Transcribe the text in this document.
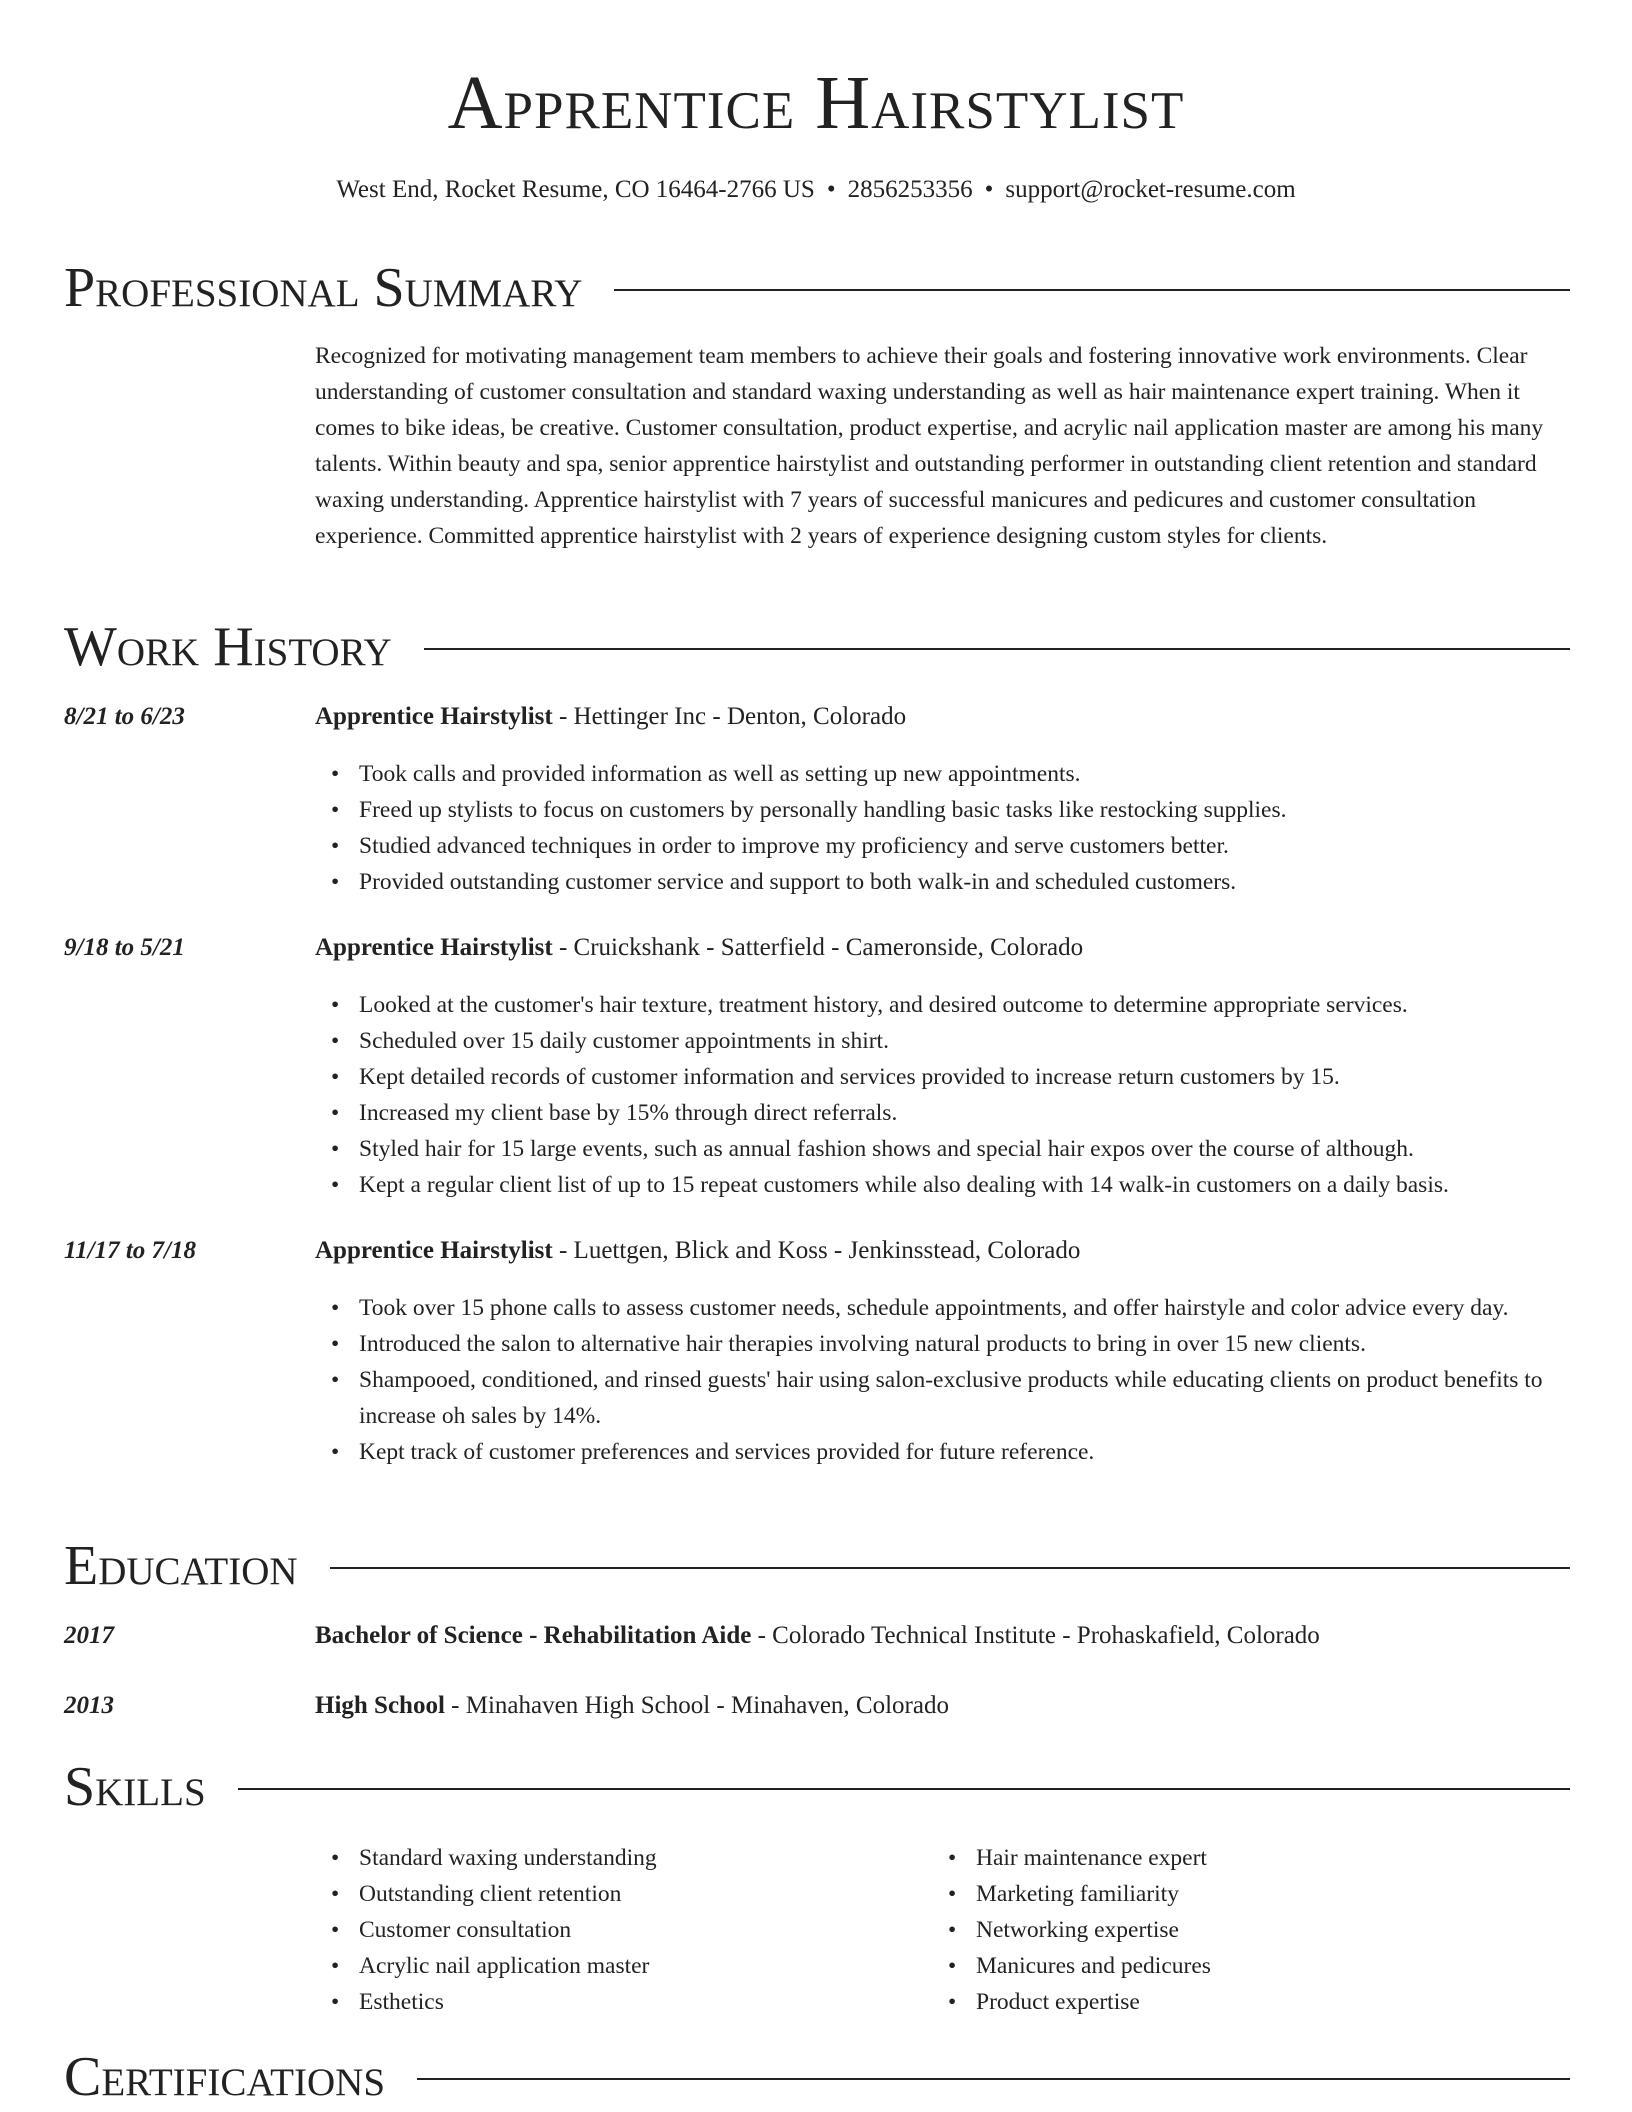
Apprentice Hairstylist
West End, Rocket Resume, CO 16464-2766 US • 2856253356 • support@rocket-resume.com
Professional Summary
Recognized for motivating management team members to achieve their goals and fostering innovative work environments. Clear understanding of customer consultation and standard waxing understanding as well as hair maintenance expert training. When it comes to bike ideas, be creative. Customer consultation, product expertise, and acrylic nail application master are among his many talents. Within beauty and spa, senior apprentice hairstylist and outstanding performer in outstanding client retention and standard waxing understanding. Apprentice hairstylist with 7 years of successful manicures and pedicures and customer consultation experience. Committed apprentice hairstylist with 2 years of experience designing custom styles for clients.
Work History
8/21 to 6/23	Apprentice Hairstylist - Hettinger Inc - Denton, Colorado
• Took calls and provided information as well as setting up new appointments.
• Freed up stylists to focus on customers by personally handling basic tasks like restocking supplies.
• Studied advanced techniques in order to improve my proficiency and serve customers better.
• Provided outstanding customer service and support to both walk-in and scheduled customers.
9/18 to 5/21	Apprentice Hairstylist - Cruickshank - Satterfield - Cameronside, Colorado
• Looked at the customer's hair texture, treatment history, and desired outcome to determine appropriate services.
• Scheduled over 15 daily customer appointments in shirt.
• Kept detailed records of customer information and services provided to increase return customers by 15.
• Increased my client base by 15% through direct referrals.
• Styled hair for 15 large events, such as annual fashion shows and special hair expos over the course of although.
• Kept a regular client list of up to 15 repeat customers while also dealing with 14 walk-in customers on a daily basis.
11/17 to 7/18	Apprentice Hairstylist - Luettgen, Blick and Koss - Jenkinsstead, Colorado
• Took over 15 phone calls to assess customer needs, schedule appointments, and offer hairstyle and color advice every day.
• Introduced the salon to alternative hair therapies involving natural products to bring in over 15 new clients.
• Shampooed, conditioned, and rinsed guests' hair using salon-exclusive products while educating clients on product benefits to increase oh sales by 14%.
• Kept track of customer preferences and services provided for future reference.
Education
2017	Bachelor of Science - Rehabilitation Aide - Colorado Technical Institute - Prohaskafield, Colorado
2013	High School - Minahaven High School - Minahaven, Colorado
Skills
• Standard waxing understanding
• Outstanding client retention
• Customer consultation
• Acrylic nail application master
• Esthetics
• Hair maintenance expert
• Marketing familiarity
• Networking expertise
• Manicures and pedicures
• Product expertise
Certifications
